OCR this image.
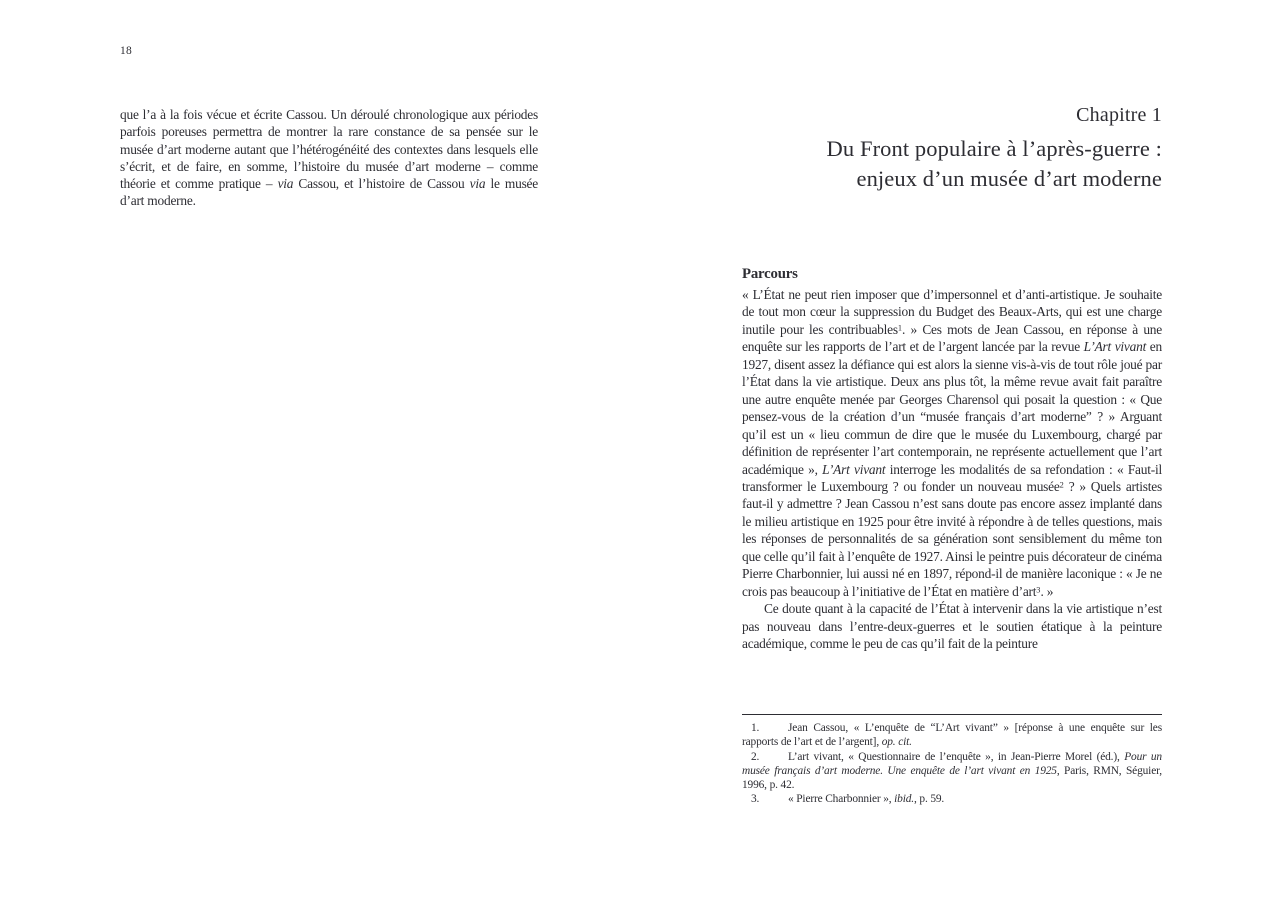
18

que l’a à la fois vécue et écrite Cassou. Un déroulé chronologique aux périodes parfois poreuses permettra de montrer la rare constance de sa pensée sur le musée d’art moderne autant que l’hétérogénéité des contextes dans lesquels elle s’écrit, et de faire, en somme, l’histoire du musée d’art moderne – comme théorie et comme pratique – via Cassou, et l’histoire de Cassou via le musée d’art moderne.

Chapitre 1
Du Front populaire à l’après-guerre :
enjeux d’un musée d’art moderne
Parcours

« L’État ne peut rien imposer que d’impersonnel et d’anti-artistique. Je souhaite de tout mon cœur la suppression du Budget des Beaux-Arts, qui est une charge inutile pour les contribuables$^1$. » Ces mots de Jean Cassou, en réponse à une enquête sur les rapports de l’art et de l’argent lancée par la revue L’Art vivant en 1927, disent assez la défiance qui est alors la sienne vis-à-vis de tout rôle joué par l’État dans la vie artistique. Deux ans plus tôt, la même revue avait fait paraître une autre enquête menée par Georges Charensol qui posait la question : « Que pensez-vous de la création d’un “musée français d’art moderne” ? » Arguant qu’il est un « lieu commun de dire que le musée du Luxembourg, chargé par définition de représenter l’art contemporain, ne représente actuellement que l’art académique », L’Art vivant interroge les modalités de sa refondation : « Faut-il transformer le Luxembourg ? ou fonder un nouveau musée$^2$ ? » Quels artistes faut-il y admettre ? Jean Cassou n’est sans doute pas encore assez implanté dans le milieu artistique en 1925 pour être invité à répondre à de telles questions, mais les réponses de personnalités de sa génération sont sensiblement du même ton que celle qu’il fait à l’enquête de 1927. Ainsi le peintre puis décorateur de cinéma Pierre Charbonnier, lui aussi né en 1897, répond-il de manière laconique : « Je ne crois pas beaucoup à l’initiative de l’État en matière d’art$^3$. »

Ce doute quant à la capacité de l’État à intervenir dans la vie artistique n’est pas nouveau dans l’entre-deux-guerres et le soutien étatique à la peinture académique, comme le peu de cas qu’il fait de la peinture

1.	Jean Cassou, « L’enquête de “L’Art vivant” » [réponse à une enquête sur les rapports de l’art et de l’argent], op. cit.

2.	L’art vivant, « Questionnaire de l’enquête », in Jean-Pierre Morel (éd.), Pour un musée français d’art moderne. Une enquête de l’art vivant en 1925, Paris, RMN, Séguier, 1996, p. 42.

3.	« Pierre Charbonnier », ibid., p. 59.
